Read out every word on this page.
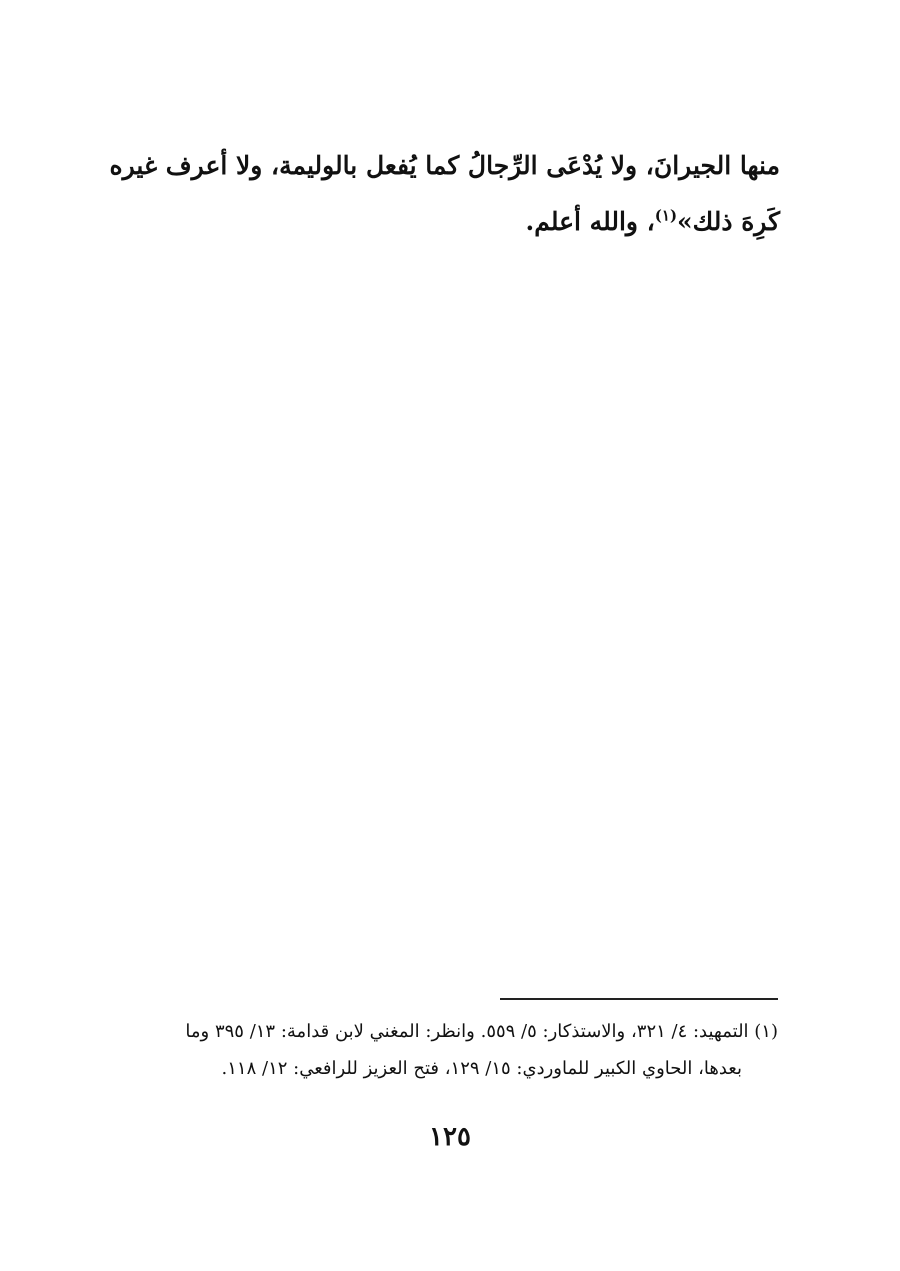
منها الجيرانَ، ولا يُدْعَى الرِّجالُ كما يُفعل بالوليمة، ولا أعرف غيره
كَرِهَ ذلك»$^{(١)}$، والله أعلم.
(١) التمهيد: ٤/ ٣٢١، والاستذكار: ٥/ ٥٥٩. وانظر: المغني لابن قدامة: ١٣/ ٣٩٥ وما
بعدها، الحاوي الكبير للماوردي: ١٥/ ١٢٩، فتح العزيز للرافعي: ١٢/ ١١٨.
١٢٥
